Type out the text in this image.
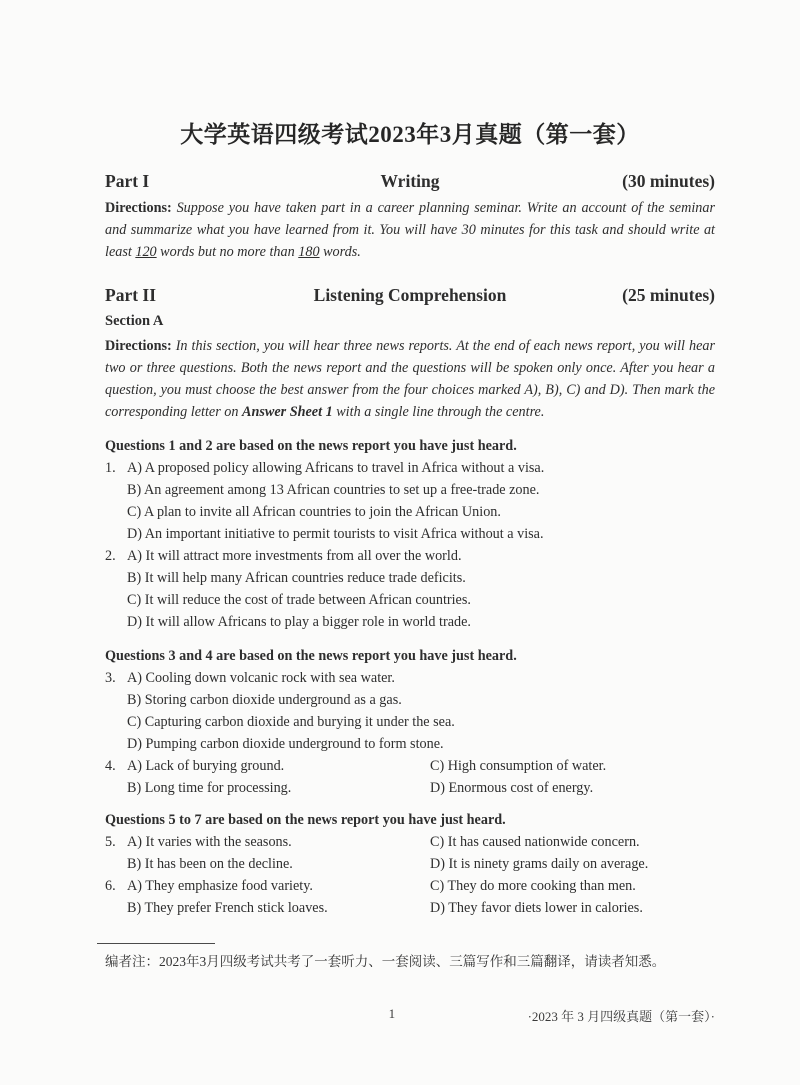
大学英语四级考试2023年3月真题（第一套）
Part I	Writing	(30 minutes)

Directions: Suppose you have taken part in a career planning seminar. Write an account of the seminar and summarize what you have learned from it. You will have 30 minutes for this task and should write at least 120 words but no more than 180 words.

Part II	Listening Comprehension	(25 minutes)
Section A

Directions: In this section, you will hear three news reports. At the end of each news report, you will hear two or three questions. Both the news report and the questions will be spoken only once. After you hear a question, you must choose the best answer from the four choices marked A), B), C) and D). Then mark the corresponding letter on Answer Sheet 1 with a single line through the centre.

Questions 1 and 2 are based on the news report you have just heard.
1. A) A proposed policy allowing Africans to travel in Africa without a visa.
B) An agreement among 13 African countries to set up a free-trade zone.
C) A plan to invite all African countries to join the African Union.
D) An important initiative to permit tourists to visit Africa without a visa.
2. A) It will attract more investments from all over the world.
B) It will help many African countries reduce trade deficits.
C) It will reduce the cost of trade between African countries.
D) It will allow Africans to play a bigger role in world trade.
Questions 3 and 4 are based on the news report you have just heard.
3. A) Cooling down volcanic rock with sea water.
B) Storing carbon dioxide underground as a gas.
C) Capturing carbon dioxide and burying it under the sea.
D) Pumping carbon dioxide underground to form stone.
4. A) Lack of burying ground.	C) High consumption of water.
B) Long time for processing.	D) Enormous cost of energy.
Questions 5 to 7 are based on the news report you have just heard.
5. A) It varies with the seasons.	C) It has caused nationwide concern.
B) It has been on the decline.	D) It is ninety grams daily on average.
6. A) They emphasize food variety.	C) They do more cooking than men.
B) They prefer French stick loaves.	D) They favor diets lower in calories.
编者注：2023年3月四级考试共考了一套听力、一套阅读、三篇写作和三篇翻译，请读者知悉。
1	·2023 年 3 月四级真题（第一套）·
